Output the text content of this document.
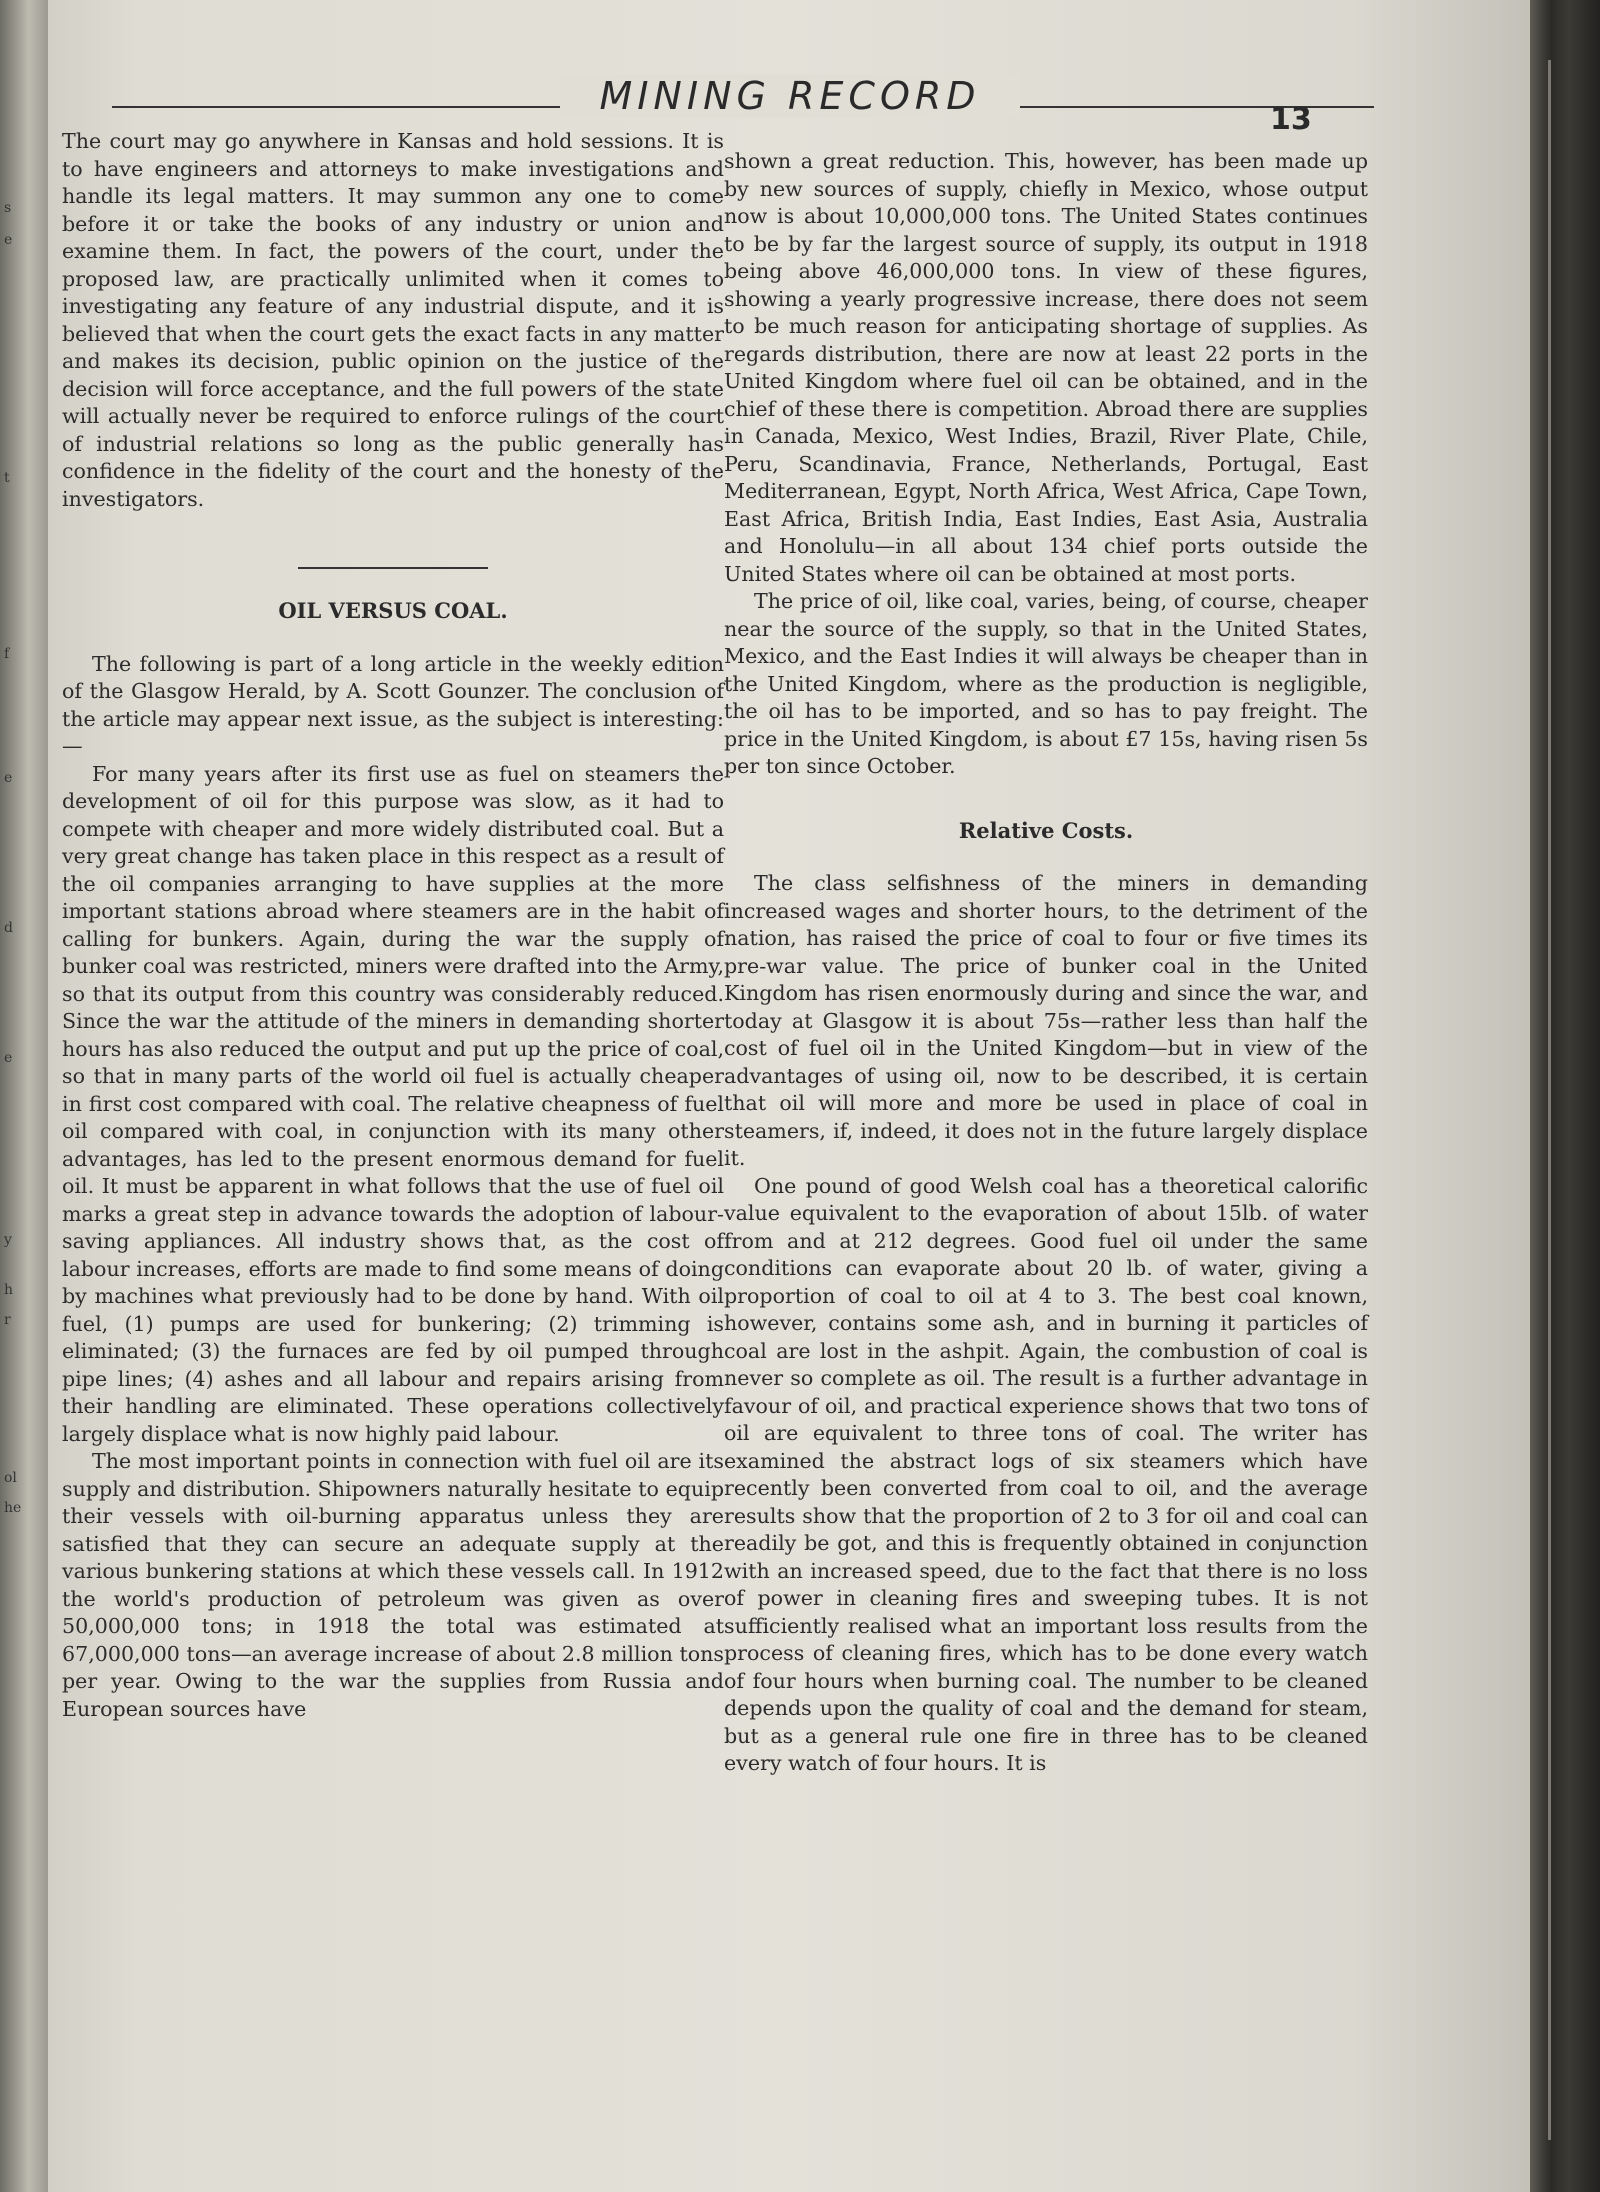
s
e
t
f
e
d
e
y
h
r
ol
he
MINING RECORD
13

The court may go anywhere in Kansas and hold sessions. It is to have engineers and attorneys to make investigations and handle its legal matters. It may summon any one to come before it or take the books of any industry or union and examine them. In fact, the powers of the court, under the proposed law, are practically unlimited when it comes to investigating any feature of any industrial dispute, and it is believed that when the court gets the exact facts in any matter and makes its decision, public opinion on the justice of the decision will force acceptance, and the full powers of the state will actually never be required to enforce rulings of the court of industrial relations so long as the public generally has confidence in the fidelity of the court and the honesty of the investigators.

OIL VERSUS COAL.

The following is part of a long article in the weekly edition of the Glasgow Herald, by A. Scott Gounzer. The conclusion of the article may appear next issue, as the subject is interesting:—

For many years after its first use as fuel on steamers the development of oil for this purpose was slow, as it had to compete with cheaper and more widely distributed coal. But a very great change has taken place in this respect as a result of the oil companies arranging to have supplies at the more important stations abroad where steamers are in the habit of calling for bunkers. Again, during the war the supply of bunker coal was restricted, miners were drafted into the Army, so that its output from this country was considerably reduced. Since the war the attitude of the miners in demanding shorter hours has also reduced the output and put up the price of coal, so that in many parts of the world oil fuel is actually cheaper in first cost compared with coal. The relative cheapness of fuel oil compared with coal, in conjunction with its many other advantages, has led to the present enormous demand for fuel oil. It must be apparent in what follows that the use of fuel oil marks a great step in advance towards the adoption of labour-saving appliances. All industry shows that, as the cost of labour increases, efforts are made to find some means of doing by machines what previously had to be done by hand. With oil fuel, (1) pumps are used for bunkering; (2) trimming is eliminated; (3) the furnaces are fed by oil pumped through pipe lines; (4) ashes and all labour and repairs arising from their handling are eliminated. These operations collectively largely displace what is now highly paid labour.

The most important points in connection with fuel oil are its supply and distribution. Shipowners naturally hesitate to equip their vessels with oil-burning apparatus unless they are satisfied that they can secure an adequate supply at the various bunkering stations at which these vessels call. In 1912 the world's production of petroleum was given as over 50,000,000 tons; in 1918 the total was estimated at 67,000,000 tons—an average increase of about 2.8 million tons per year. Owing to the war the supplies from Russia and European sources have

shown a great reduction. This, however, has been made up by new sources of supply, chiefly in Mexico, whose output now is about 10,000,000 tons. The United States continues to be by far the largest source of supply, its output in 1918 being above 46,000,000 tons. In view of these figures, showing a yearly progressive increase, there does not seem to be much reason for anticipating shortage of supplies. As regards distribution, there are now at least 22 ports in the United Kingdom where fuel oil can be obtained, and in the chief of these there is competition. Abroad there are supplies in Canada, Mexico, West Indies, Brazil, River Plate, Chile, Peru, Scandinavia, France, Netherlands, Portugal, East Mediterranean, Egypt, North Africa, West Africa, Cape Town, East Africa, British India, East Indies, East Asia, Australia and Honolulu—in all about 134 chief ports outside the United States where oil can be obtained at most ports.

The price of oil, like coal, varies, being, of course, cheaper near the source of the supply, so that in the United States, Mexico, and the East Indies it will always be cheaper than in the United Kingdom, where as the production is negligible, the oil has to be imported, and so has to pay freight. The price in the United Kingdom, is about £7 15s, having risen 5s per ton since October.

Relative Costs.

The class selfishness of the miners in demanding increased wages and shorter hours, to the detriment of the nation, has raised the price of coal to four or five times its pre-war value. The price of bunker coal in the United Kingdom has risen enormously during and since the war, and today at Glasgow it is about 75s—rather less than half the cost of fuel oil in the United Kingdom—but in view of the advantages of using oil, now to be described, it is certain that oil will more and more be used in place of coal in steamers, if, indeed, it does not in the future largely displace it.

One pound of good Welsh coal has a theoretical calorific value equivalent to the evaporation of about 15lb. of water from and at 212 degrees. Good fuel oil under the same conditions can evaporate about 20 lb. of water, giving a proportion of coal to oil at 4 to 3. The best coal known, however, contains some ash, and in burning it particles of coal are lost in the ashpit. Again, the combustion of coal is never so complete as oil. The result is a further advantage in favour of oil, and practical experience shows that two tons of oil are equivalent to three tons of coal. The writer has examined the abstract logs of six steamers which have recently been converted from coal to oil, and the average results show that the proportion of 2 to 3 for oil and coal can readily be got, and this is frequently obtained in conjunction with an increased speed, due to the fact that there is no loss of power in cleaning fires and sweeping tubes. It is not sufficiently realised what an important loss results from the process of cleaning fires, which has to be done every watch of four hours when burning coal. The number to be cleaned depends upon the quality of coal and the demand for steam, but as a general rule one fire in three has to be cleaned every watch of four hours. It is
